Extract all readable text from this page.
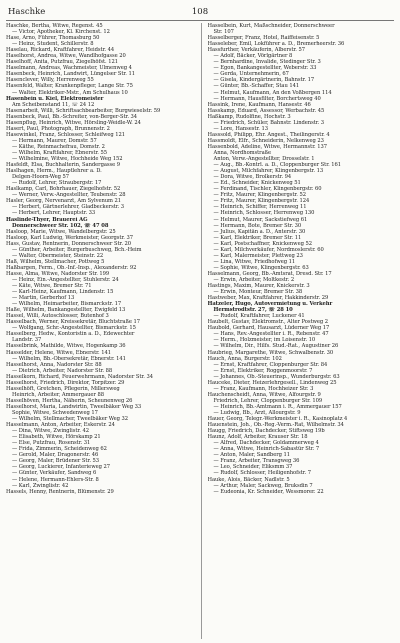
Haschke	108
Haschke, Bertha, Witwe, Regenst. 45
— Victor, Apotheker, Kl. Kirchenst. 12
Hase, Arno, Führer, Thomasburg 50
— Heinz, Student, Schillerstr. 8
Haselau, Rickard, Kraftfahrer, Heidstr. 44
Haselhorst, Andrea, Witwe, Wandlhofgasse 20
Haselhoff, Anita, Putzfrau, Ziegelhöfst. 121
Haselmann, Andreas, Wachmeister, Ulmenweg 4
Hasenbeck, Heinrich, Landwirt, Lüngelser Str. 11
Hasenclever, Willy, Herrenweg 55
Hasenfeld, Walter, Krankenpfleger, Lange Str. 75
— Walter, Elektriker-Mstr., Am Schulhaus 10
Hasenbein u. Kiel, Elektromeister
Am Scheibenstand 11, ☏ 24 12
Hasenarbeit, Willi, Schriftsachbearbeiter, Burgwieselstr. 59
Hasenbeck, Paul, Bb.-Schreiter, von-Berger-Str. 34
Hasenpflug, Heinrich, Witwe, Hörsling-Weidle-W. 24
Hasert, Paul, Photograph, Brunnenstr. 2
Hasewinkel, Franz, Schlosser, Schleifweg 121
— Hermann, Maurer, Domstr. 57
— Käthe, Reinmachefrau, Domstr. 2
— Wilhelm, Kraftfahrer, Ebnerstr. 55
— Wilhelmine, Witwe, Hochheide Weg 152
Hasfeldt, Elsa, Buchhalterin, Sandergasse 9
Haslhagen, Herm., Hauptlehrer a. D.
Delgen-Hoorn-Weg 57
— Rudolf, Lehrer, Straubergstr. 17
Haslkamp, Carl, Bohrhauer, Ziegelhofstr. 52
— Werner, Verw.-Angestellter, Teubenstr. 28
Hasler, Georg, Nervenarzt, Am Sylvenum 21
— Herbert, Gärtnerlehrer, Gladbeckerstr. 3
— Herbert, Lehrer, Hauptstr. 33
Haslinde-Thyer, Brauerei AG
Donnerschweer Str. 102, ☏ 47 08
Hasloop, Marie, Witwe, Wandelbergstr. 25
Hasloop, Karl Ludwig, Werkmeister, Georgstr. 37
Hass, Gustav, Rentnerin, Donnerschweer Str. 20
— Günther, Arbeiter, Burgerbuschweg, Bch.-Heim
— Walter, Obermeister, Steinstr. 22
Haß, Wilhelm, Stellmacher, Pottweg 5
Haßbargen, Ferm., Ob.-Inf.-Insp., Alexanderstr. 92
Hasse, Alma, Witwe, Nadorster Str. 199
— Heinz, Ein.-Angestellter, Stuhlerstr. 24
— Käte, Witwe, Bremer Str. 71
— Karl-Heinz, Kaufmann, Lindenstr. 15
— Martin, Gerberhof 13
— Wilhelm, Heimarbeiter, Bismarckstr. 17
Haße, Wilhelm, Bankangestellter, Ewigfeld 13
Hassel, Willi, Autoschlosser, Butenhof 3
Hasselbach, Werner, Kreissekretär, Bluchtstraße 17
— Wolfgang, Schr.-Angestellter, Bismarckstr. 15
Hasselberg, Hedw., Kontoristin a. D., Edewechter
Landstr. 37
Hasselbrink, Mathilde, Witwe, Hogenkamp 36
Hasselder, Helene, Witwe, Ebnerstr. 141
— Wilhelm, Bb.-Obersekretär, Ebnerstr. 141
Hasselhorst, Anna, Nadorster Str. 88
— Dietrich, Arbeiter, Nadorster Str. 88
Hasselkorn, Richard, Feuerwehrmann, Nadorster Str. 34
Hasselhorst, Friedrich, Direktor, Torpitzer. 29
Hasselhöft, Gretchen, Pflegerin, Millersweg
Heinrich, Arbeiter, Ammergauer 88
Hasselhöven, Hertha, Näherin, Scheunenweg 26
Hasselhorst, Maria, Landwirtin, Tweelbäker Weg 33
Sophie, Witwe, Schwedenweg 17
— Wilhelm, Stellmacher, Tweelbäker Weg 32
Hasselmann, Anton, Arbeiter, Eskerstr. 24
— Dina, Witwe, Zwinglistr. 42
— Elisabeth, Witwe, Hörskamp 21
— Else, Putzfrau, Rosenstr. 31
— Frida, Zimmerin, Scheidenweg 62
— Gerold, Maler, Dragonerstr. 46
— Georg, Maler, Brüdener Str. 53
— Georg, Luckierer, Infanterieweg 27
— Günter, Verkäufer, Sandweg 6
— Helene, Hermann-Ehlers-Str. 8
— Karl, Zwinglistr. 42
Hassels, Henny, Rentnerin, Blümenstr. 29
Hasselbein, Kurt, Maßschneider, Donnerschweer
Str. 107
Hasselberger, Franz, Hotel, Raiffeisenstr. 5
Hasseleber, Emil, Lokführer a. D., Bremerheerstr. 36
Hassfurther, Verkäuferin, Alberstr. 57
— Adolf, Bäcker, Vörlgärtner 8
— Bernhardine, Invalide, Stedinger Str. 3
— Egon, Bankangestellter, Weberstr. 33
— Gerda, Unternehmerin, 67
— Gisela, Kindergärtnerin, Bahnstr. 17
— Günter, Bb.-Schaffer, Stau 141
— Helmut, Kaufmann, An den Voßbergen 114
— Hermann, Hausfilter, Borchertsweg 40
Hassink, Irene, Kaufmann, Hansestr. 46
Hasskamp, Eduard, Assessor, Werbachstr. 45
Haßkamp, Rudolfine, Hochstr. 3
— Friedrich, Schüler, Bahnstr. Lindenstr. 3
— Lore, Hansestr. 13
Hasssold, Philipp, Ehr. Angest., Theilingerstr. 4
Hassmoldt, Elfr., Schneiderin, Nelkenweg 23
Hassenbold, Adeline, Witwe, Hermannstr. 137
Anna, Nordhomstraße
Anton, Verw.-Angestellter, Drosselstr. 1
— Aug., Bb.-Kontrl. a. D., Cloppenburger Str. 161
— August, Milchfahrer, Klingenbergstr. 13
— Dora, Witwe, Brolkerstr. 94
— Ed., Schneider, Knickenweg 51
— Ferdinand, Tischler, Klingenbergstr. 60
— Fritz, Maurer, Klingenbergstr. 52
— Fritz, Maurer, Klingenbergstr. 124
— Heinrich, Schiffer, Herrenweg 11
— Heinrich, Schlosser, Herrenweg 130
— Helmut, Maurer, Sackstiefweg 61
— Hermann, Bote, Bremer Str. 30
— Julius, Kapitän a. D., Anterstr. 30
— Karl, Elektriker, Bremer Str. 11
— Karl, Postschaffner, Knickenweg 52
— Karl, Milchverkäufer, Nordmoslerstr. 60
— Karl, Malermeister, Plettweg 23
— Lina, Witwe, Friedhofweg 11
— Sophie, Witwe, Klingenbergstr. 63
Hasselmann, Georg, Bb.-Amtsrat, Dresd. Str. 17
— Erwin, Arbeiter, Moltkestr. 2
Hastings, Maxim, Maurer, Knickerstr. 3
— Erwin, Monteur, Bremer Str. 38
Hastweber, Max, Kraftfahrer, Hakkinderstr. 29
Hatzeler, Hugo, Autovermietung u. Verkehr
Hermstrodtstr. 27, ☏ 28 10
— Rudolf, Kraftfahrer, Luckener 41
Haubelt, Gustav, Elektromstr., Alter Postweg 2
Haubold, Gerhard, Hausarzt, Lüderner Weg 17
— Hans, Rev.-Angestellter i. R., Rebenstr. 47
— Herm., Holzmeister, im Loisenstr. 10
— Wilhelm, Dir., Hilfs. Stud.-Rat., Augustiner 26
Haubrieg, Margarethe, Witwe, Schwalbenstr. 30
Hauch, Anna, Burgerstr. 102
— Ernst, Kraftfahrer, Cloppenburger Str. 84
— Ernst, Elektriker, Roggenmoorstr. 7
— Johannes, Ob.-Steuerinsp., Wunderburgstr. 63
Hauceke, Dieter, Heizerlehrgesell., Lindenweg 25
— Franz, Kaufmann, Hochheizer Str. 3
Hauchenscheidt, Anna, Witwe, Alfourgstr. 9
Friedrich, Lehrer, Cloppenburger Str. 109
— Heinrich, Bb.-Amtmann i. R., Ammergauer 157
— Ludwig, Bb., Arzt, Allourgstr. 9
Hauer, Georg, Telegr.-Werkmeister i. R., Kasinoplatz 4
Hauenstein, Joh., Ob.-Reg.-Verm.-Rat, Wilhelmstr. 34
Haugg, Friedrich, Dachdecker, Stiftsweg 19b
Haunz, Adolf, Arbeiter, Krauser Str. 18
— Alfred, Dachdecker, Goldammerweg 4
— Anna, Witwe, Heinrich-Sabastür Str. 7
— Anton, Maler, Sandberg 11
— Franz, Arbeiter, Transgweg 36
— Leo, Schneider, Eliksmm 37
— Rudolf, Schlosser, Heiligenhofstr. 7
Hauke, Alois, Bäcker, Nadlstr. 5
— Arthur, Maler, Sackweg, Bruksdin 7
— Eudeonia, Kr. Schneider, Wessmorer. 22
